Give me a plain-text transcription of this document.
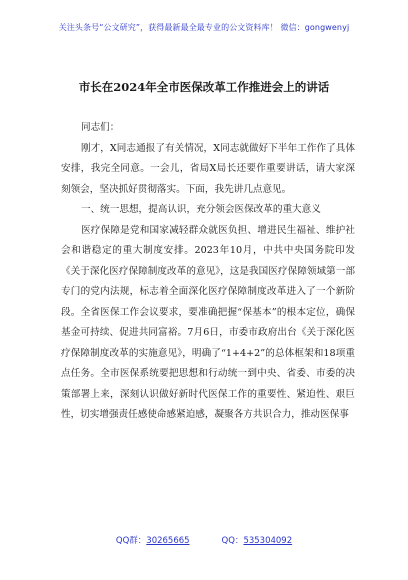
关注头条号“公文研究”，获得最新最全最专业的公文资料库！ 微信：gongwenyj
市长在2024年全市医保改革工作推进会上的讲话
同志们：

刚才，X同志通报了有关情况，X同志就做好下半年工作作了具体安排，我完全同意。一会儿，省局X局长还要作重要讲话，请大家深刻领会，坚决抓好贯彻落实。下面，我先讲几点意见。

一、统一思想，提高认识，充分领会医保改革的重大意义

医疗保障是党和国家减轻群众就医负担、增进民生福祉、维护社会和谐稳定的重大制度安排。2023年10月，中共中央国务院印发《关于深化医疗保障制度改革的意见》，这是我国医疗保障领域第一部专门的党内法规，标志着全面深化医疗保障制度改革进入了一个新阶段。全省医保工作会议要求，要准确把握“保基本”的根本定位，确保基金可持续、促进共同富裕。7月6日，市委市政府出台《关于深化医疗保障制度改革的实施意见》，明确了“1+4+2”的总体框架和18项重点任务。全市医保系统要把思想和行动统一到中央、省委、市委的决策部署上来，深刻认识做好新时代医保工作的重要性、紧迫性、艰巨性，切实增强责任感使命感紧迫感，凝聚各方共识合力，推动医保事

QQ群：30265665	QQ：535304092
